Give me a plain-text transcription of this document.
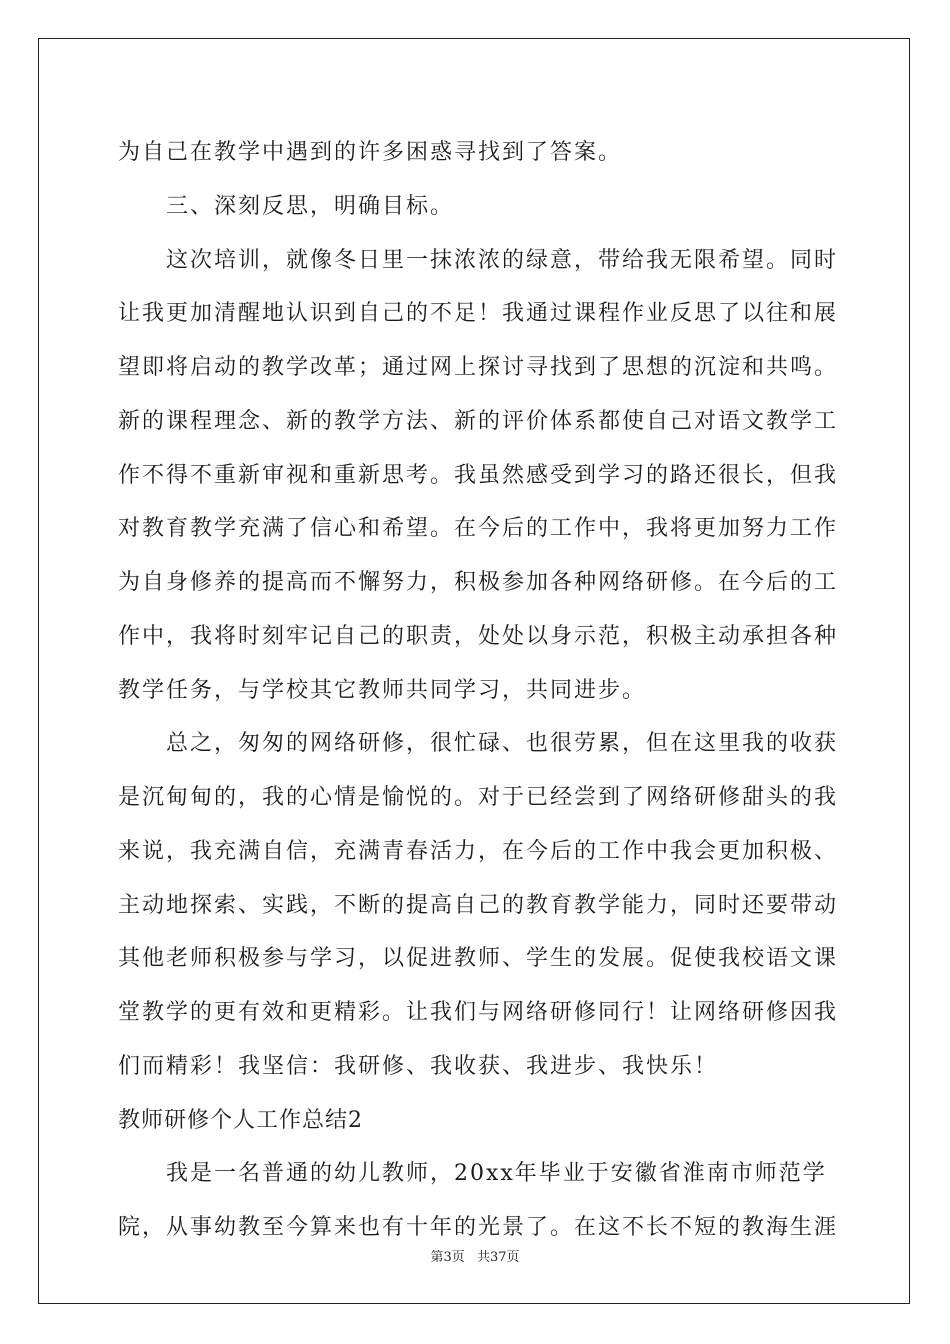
为自己在教学中遇到的许多困惑寻找到了答案。
三、深刻反思，明确目标。
这次培训，就像冬日里一抹浓浓的绿意，带给我无限希望。同时
让我更加清醒地认识到自己的不足！我通过课程作业反思了以往和展
望即将启动的教学改革；通过网上探讨寻找到了思想的沉淀和共鸣。
新的课程理念、新的教学方法、新的评价体系都使自己对语文教学工
作不得不重新审视和重新思考。我虽然感受到学习的路还很长，但我
对教育教学充满了信心和希望。在今后的工作中，我将更加努力工作
为自身修养的提高而不懈努力，积极参加各种网络研修。在今后的工
作中，我将时刻牢记自己的职责，处处以身示范，积极主动承担各种
教学任务，与学校其它教师共同学习，共同进步。
总之，匆匆的网络研修，很忙碌、也很劳累，但在这里我的收获
是沉甸甸的，我的心情是愉悦的。对于已经尝到了网络研修甜头的我
来说，我充满自信，充满青春活力，在今后的工作中我会更加积极、
主动地探索、实践，不断的提高自己的教育教学能力，同时还要带动
其他老师积极参与学习，以促进教师、学生的发展。促使我校语文课
堂教学的更有效和更精彩。让我们与网络研修同行！让网络研修因我
们而精彩！我坚信：我研修、我收获、我进步、我快乐！
教师研修个人工作总结2
我是一名普通的幼儿教师，20xx年毕业于安徽省淮南市师范学
院，从事幼教至今算来也有十年的光景了。在这不长不短的教海生涯
第3页 共37页
